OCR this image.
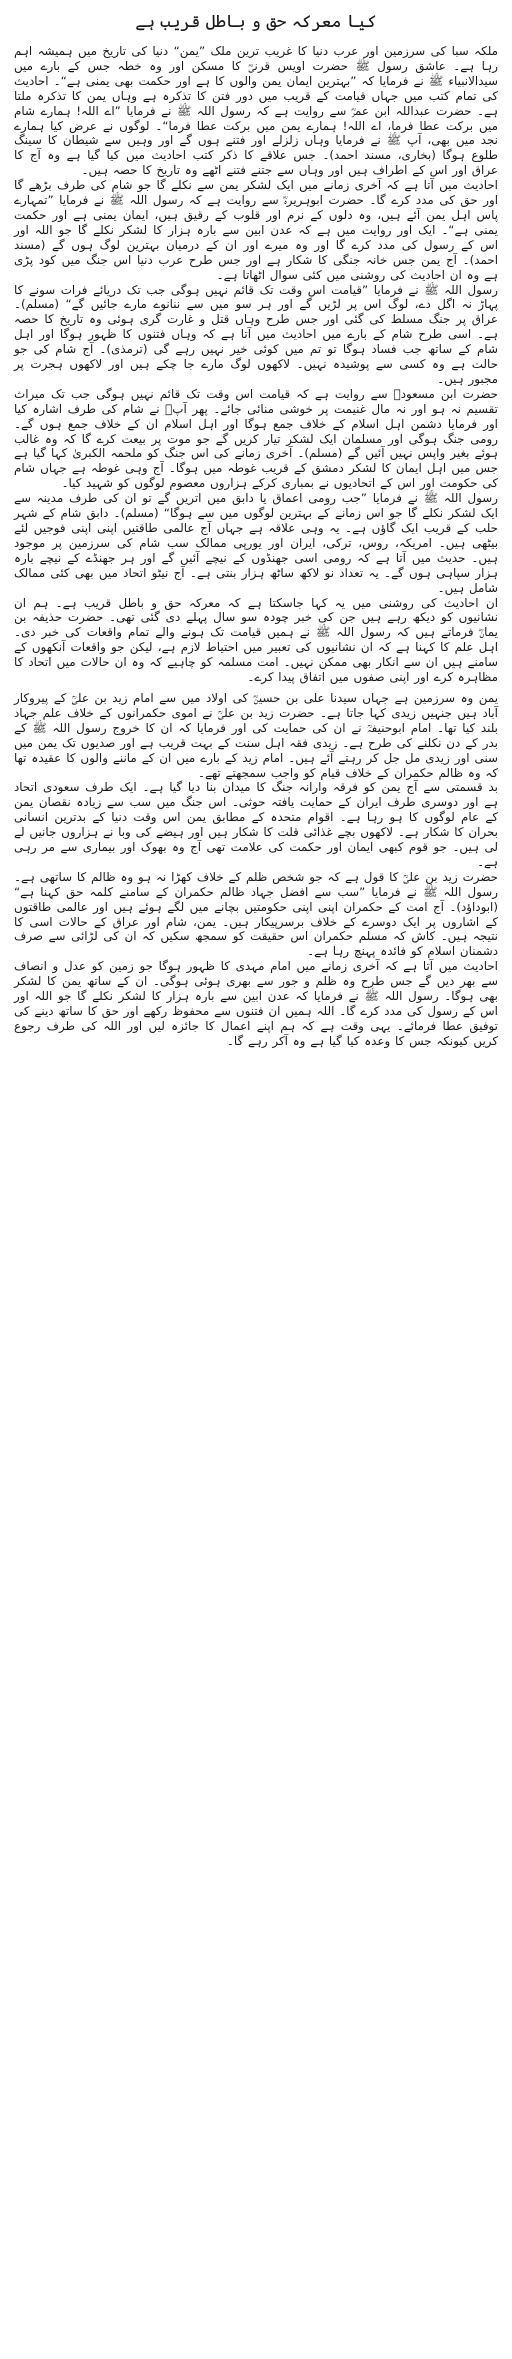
کیا معرکہ حق و باطل قریب ہے

ملکہ سبا کی سرزمین اور عرب دنیا کا غریب ترین ملک ”یمن“ دنیا کی تاریخ میں ہمیشہ اہم رہا ہے۔ عاشق رسول ﷺ حضرت اویس قرنیؓ کا مسکن اور وہ خطہ جس کے بارے میں سیدالانبیاء ﷺ نے فرمایا کہ ”بہترین ایمان یمن والوں کا ہے اور حکمت بھی یمنی ہے“۔ احادیث کی تمام کتب میں جہاں قیامت کے قریب میں دور فتن کا تذکرہ ہے وہاں یمن کا تذکرہ ملتا ہے۔ حضرت عبداللہ ابن عمرؓ سے روایت ہے کہ رسول اللہ ﷺ نے فرمایا ”اے اللہ! ہمارے شام میں برکت عطا فرما، اے اللہ! ہمارے یمن میں برکت عطا فرما“۔ لوگوں نے عرض کیا ہمارے نجد میں بھی، آپ ﷺ نے فرمایا وہاں زلزلے اور فتنے ہوں گے اور وہیں سے شیطان کا سینگ طلوع ہوگا (بخاری، مسند احمد)۔ جس علاقے کا ذکر کتب احادیث میں کیا گیا ہے وہ آج کا عراق اور اس کے اطراف ہیں اور وہاں سے جتنے فتنے اٹھے وہ تاریخ کا حصہ ہیں۔

احادیث میں آتا ہے کہ آخری زمانے میں ایک لشکر یمن سے نکلے گا جو شام کی طرف بڑھے گا اور حق کی مدد کرے گا۔ حضرت ابوہریرہؓ سے روایت ہے کہ رسول اللہ ﷺ نے فرمایا ”تمہارے پاس اہل یمن آئے ہیں، وہ دلوں کے نرم اور قلوب کے رقیق ہیں، ایمان یمنی ہے اور حکمت یمنی ہے“۔ ایک اور روایت میں ہے کہ عدن ابین سے بارہ ہزار کا لشکر نکلے گا جو اللہ اور اس کے رسول کی مدد کرے گا اور وہ میرے اور ان کے درمیان بہترین لوگ ہوں گے (مسند احمد)۔ آج یمن جس خانہ جنگی کا شکار ہے اور جس طرح عرب دنیا اس جنگ میں کود پڑی ہے وہ ان احادیث کی روشنی میں کئی سوال اٹھاتا ہے۔

رسول اللہ ﷺ نے فرمایا ”قیامت اس وقت تک قائم نہیں ہوگی جب تک دریائے فرات سونے کا پہاڑ نہ اگل دے، لوگ اس پر لڑیں گے اور ہر سو میں سے ننانوے مارے جائیں گے“ (مسلم)۔ عراق پر جنگ مسلط کی گئی اور جس طرح وہاں قتل و غارت گری ہوئی وہ تاریخ کا حصہ ہے۔ اسی طرح شام کے بارے میں احادیث میں آتا ہے کہ وہاں فتنوں کا ظہور ہوگا اور اہل شام کے ساتھ جب فساد ہوگا تو تم میں کوئی خیر نہیں رہے گی (ترمذی)۔ آج شام کی جو حالت ہے وہ کسی سے پوشیدہ نہیں۔ لاکھوں لوگ مارے جا چکے ہیں اور لاکھوں ہجرت پر مجبور ہیں۔

حضرت ابن مسعودؓ سے روایت ہے کہ قیامت اس وقت تک قائم نہیں ہوگی جب تک میراث تقسیم نہ ہو اور نہ مال غنیمت پر خوشی منائی جائے۔ پھر آپؓ نے شام کی طرف اشارہ کیا اور فرمایا دشمن اہل اسلام کے خلاف جمع ہوگا اور اہل اسلام ان کے خلاف جمع ہوں گے۔ رومی جنگ ہوگی اور مسلمان ایک لشکر تیار کریں گے جو موت پر بیعت کرے گا کہ وہ غالب ہوئے بغیر واپس نہیں آئیں گے (مسلم)۔ آخری زمانے کی اس جنگ کو ملحمہ الکبریٰ کہا گیا ہے جس میں اہل ایمان کا لشکر دمشق کے قریب غوطہ میں ہوگا۔ آج وہی غوطہ ہے جہاں شام کی حکومت اور اس کے اتحادیوں نے بمباری کرکے ہزاروں معصوم لوگوں کو شہید کیا۔

رسول اللہ ﷺ نے فرمایا ”جب رومی اعماق یا دابق میں اتریں گے تو ان کی طرف مدینہ سے ایک لشکر نکلے گا جو اس زمانے کے بہترین لوگوں میں سے ہوگا“ (مسلم)۔ دابق شام کے شہر حلب کے قریب ایک گاؤں ہے۔ یہ وہی علاقہ ہے جہاں آج عالمی طاقتیں اپنی اپنی فوجیں لئے بیٹھی ہیں۔ امریکہ، روس، ترکی، ایران اور یورپی ممالک سب شام کی سرزمین پر موجود ہیں۔ حدیث میں آتا ہے کہ رومی اسی جھنڈوں کے نیچے آئیں گے اور ہر جھنڈے کے نیچے بارہ ہزار سپاہی ہوں گے۔ یہ تعداد نو لاکھ ساٹھ ہزار بنتی ہے۔ آج نیٹو اتحاد میں بھی کئی ممالک شامل ہیں۔

ان احادیث کی روشنی میں یہ کہا جاسکتا ہے کہ معرکہ حق و باطل قریب ہے۔ ہم ان نشانیوں کو دیکھ رہے ہیں جن کی خبر چودہ سو سال پہلے دی گئی تھی۔ حضرت حذیفہ بن یمانؓ فرماتے ہیں کہ رسول اللہ ﷺ نے ہمیں قیامت تک ہونے والے تمام واقعات کی خبر دی۔ اہل علم کا کہنا ہے کہ ان نشانیوں کی تعبیر میں احتیاط لازم ہے، لیکن جو واقعات آنکھوں کے سامنے ہیں ان سے انکار بھی ممکن نہیں۔ امت مسلمہ کو چاہیے کہ وہ ان حالات میں اتحاد کا مظاہرہ کرے اور اپنی صفوں میں اتفاق پیدا کرے۔

یمن وہ سرزمین ہے جہاں سیدنا علی بن حسینؓ کی اولاد میں سے امام زید بن علیؒ کے پیروکار آباد ہیں جنہیں زیدی کہا جاتا ہے۔ حضرت زید بن علیؒ نے اموی حکمرانوں کے خلاف علم جہاد بلند کیا تھا۔ امام ابوحنیفہؒ نے ان کی حمایت کی اور فرمایا کہ ان کا خروج رسول اللہ ﷺ کے بدر کے دن نکلنے کی طرح ہے۔ زیدی فقہ اہل سنت کے بہت قریب ہے اور صدیوں تک یمن میں سنی اور زیدی مل جل کر رہتے آئے ہیں۔ امام زید کے بارے میں ان کے ماننے والوں کا عقیدہ تھا کہ وہ ظالم حکمران کے خلاف قیام کو واجب سمجھتے تھے۔

بد قسمتی سے آج یمن کو فرقہ وارانہ جنگ کا میدان بنا دیا گیا ہے۔ ایک طرف سعودی اتحاد ہے اور دوسری طرف ایران کے حمایت یافتہ حوثی۔ اس جنگ میں سب سے زیادہ نقصان یمن کے عام لوگوں کا ہو رہا ہے۔ اقوام متحدہ کے مطابق یمن اس وقت دنیا کے بدترین انسانی بحران کا شکار ہے۔ لاکھوں بچے غذائی قلت کا شکار ہیں اور ہیضے کی وبا نے ہزاروں جانیں لے لی ہیں۔ جو قوم کبھی ایمان اور حکمت کی علامت تھی آج وہ بھوک اور بیماری سے مر رہی ہے۔

حضرت زید بن علیؒ کا قول ہے کہ جو شخص ظلم کے خلاف کھڑا نہ ہو وہ ظالم کا ساتھی ہے۔ رسول اللہ ﷺ نے فرمایا ”سب سے افضل جہاد ظالم حکمران کے سامنے کلمہ حق کہنا ہے“ (ابوداؤد)۔ آج امت کے حکمران اپنی اپنی حکومتیں بچانے میں لگے ہوئے ہیں اور عالمی طاقتوں کے اشاروں پر ایک دوسرے کے خلاف برسرپیکار ہیں۔ یمن، شام اور عراق کے حالات اسی کا نتیجہ ہیں۔ کاش کہ مسلم حکمران اس حقیقت کو سمجھ سکیں کہ ان کی لڑائی سے صرف دشمنان اسلام کو فائدہ پہنچ رہا ہے۔

احادیث میں آتا ہے کہ آخری زمانے میں امام مہدی کا ظہور ہوگا جو زمین کو عدل و انصاف سے بھر دیں گے جس طرح وہ ظلم و جور سے بھری ہوئی ہوگی۔ ان کے ساتھ یمن کا لشکر بھی ہوگا۔ رسول اللہ ﷺ نے فرمایا کہ عدن ابین سے بارہ ہزار کا لشکر نکلے گا جو اللہ اور اس کے رسول کی مدد کرے گا۔ اللہ ہمیں ان فتنوں سے محفوظ رکھے اور حق کا ساتھ دینے کی توفیق عطا فرمائے۔ یہی وقت ہے کہ ہم اپنے اعمال کا جائزہ لیں اور اللہ کی طرف رجوع کریں کیونکہ جس کا وعدہ کیا گیا ہے وہ آکر رہے گا۔
